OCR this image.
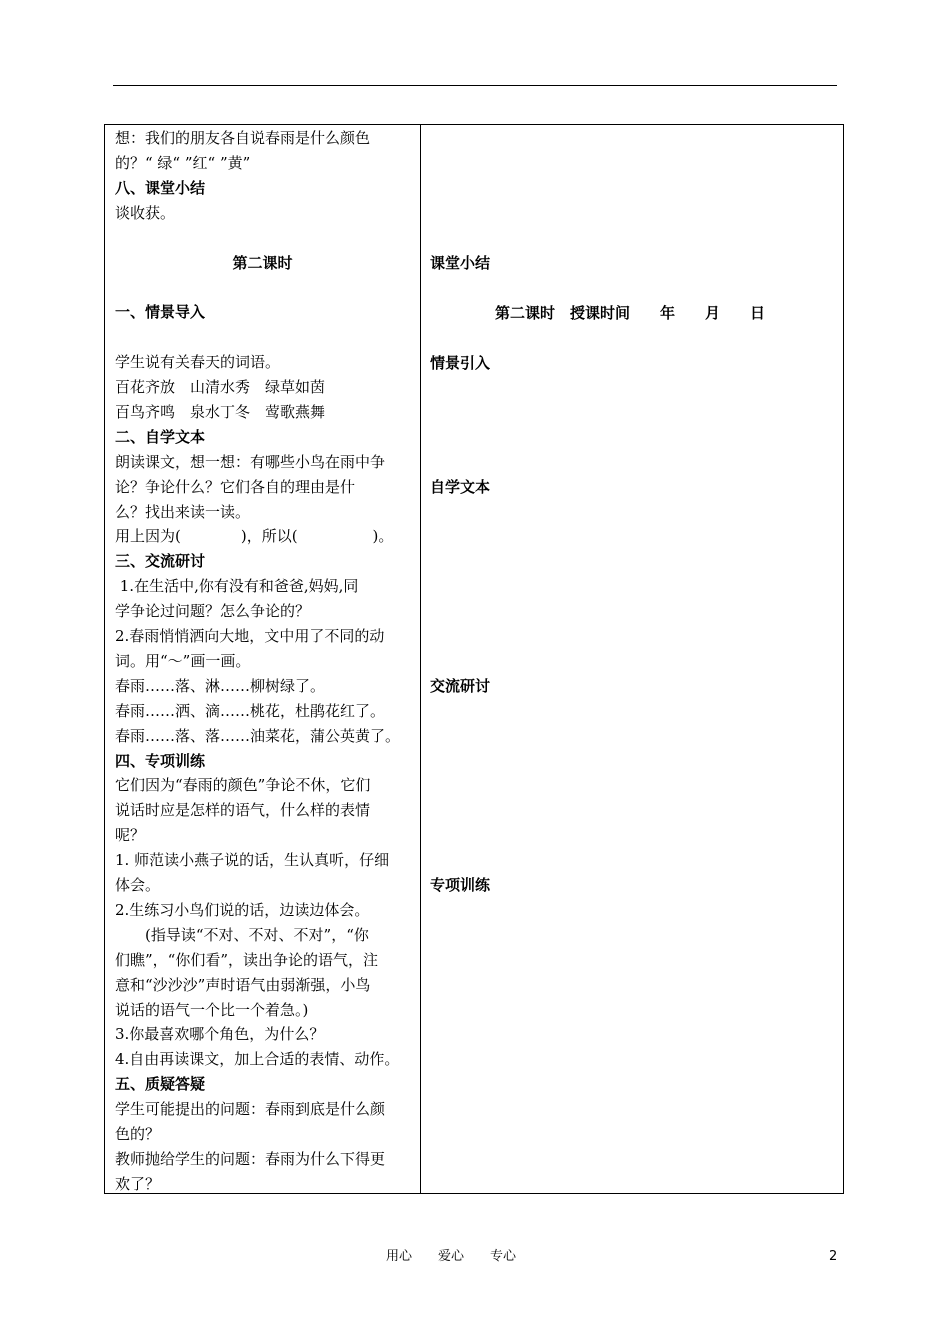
想：我们的朋友各自说春雨是什么颜色
的？“ 绿“ ”红“ ”黄”
八、课堂小结
谈收获。
第二课时
一、情景导入
学生说有关春天的词语。
百花齐放　山清水秀　绿草如茵
百鸟齐鸣　泉水丁冬　莺歌燕舞
二、自学文本
朗读课文，想一想：有哪些小鸟在雨中争
论？争论什么？它们各自的理由是什
么？找出来读一读。
用上因为(　　　　)，所以(　　　　　)。
三、交流研讨
1.在生活中,你有没有和爸爸,妈妈,同
学争论过问题？怎么争论的？
2.春雨悄悄洒向大地，文中用了不同的动
词。用“～”画一画。
春雨……落、淋……柳树绿了。
春雨……洒、滴……桃花，杜鹃花红了。
春雨……落、落……油菜花，蒲公英黄了。
四、专项训练
它们因为“春雨的颜色”争论不休，它们
说话时应是怎样的语气，什么样的表情
呢？
1. 师范读小燕子说的话，生认真听，仔细
体会。
2.生练习小鸟们说的话，边读边体会。
　　(指导读“不对、不对、不对”，“你
们瞧”，“你们看”，读出争论的语气，注
意和“沙沙沙”声时语气由弱渐强，小鸟
说话的语气一个比一个着急。)
3.你最喜欢哪个角色，为什么？
4.自由再读课文，加上合适的表情、动作。
五、质疑答疑
学生可能提出的问题：春雨到底是什么颜
色的？
教师抛给学生的问题：春雨为什么下得更
欢了？
课堂小结
第二课时　授课时间　　年　　月　　日
情景引入
自学文本
交流研讨
专项训练
用心　　爱心　　专心	2
